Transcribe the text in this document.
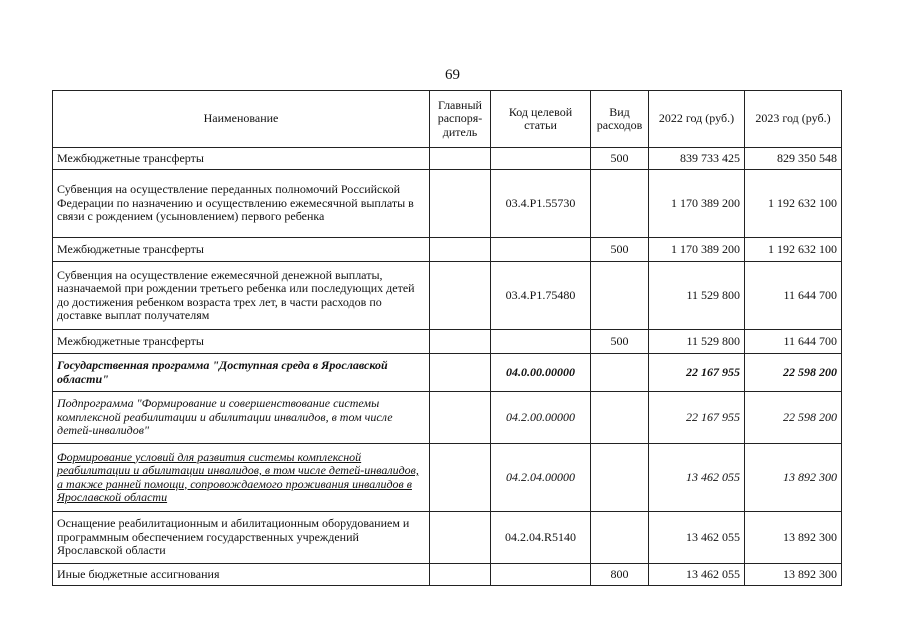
69
Наименование	Главный распоря-дитель	Код целевой статьи	Вид расходов	2022 год (руб.)	2023 год (руб.)
Межбюджетные трансферты			500	839 733 425	829 350 548
Субвенция на осуществление переданных полномочий Российской Федерации по назначению и осуществлению ежемесячной выплаты в связи с рождением (усыновлением) первого ребенка		03.4.P1.55730		1 170 389 200	1 192 632 100
Межбюджетные трансферты			500	1 170 389 200	1 192 632 100
Субвенция на осуществление ежемесячной денежной выплаты, назначаемой при рождении третьего ребенка или последующих детей до достижения ребенком возраста трех лет, в части расходов по доставке выплат получателям		03.4.P1.75480		11 529 800	11 644 700
Межбюджетные трансферты			500	11 529 800	11 644 700
Государственная программа "Доступная среда в Ярославской области"		04.0.00.00000		22 167 955	22 598 200
Подпрограмма "Формирование и совершенствование системы комплексной реабилитации и абилитации инвалидов, в том числе детей-инвалидов"		04.2.00.00000		22 167 955	22 598 200
Формирование условий для развития системы комплексной реабилитации и абилитации инвалидов, в том числе детей-инвалидов, а также ранней помощи, сопровождаемого проживания инвалидов в Ярославской области		04.2.04.00000		13 462 055	13 892 300
Оснащение реабилитационным и абилитационным оборудованием и программным обеспечением государственных учреждений Ярославской области		04.2.04.R5140		13 462 055	13 892 300
Иные бюджетные ассигнования			800	13 462 055	13 892 300
